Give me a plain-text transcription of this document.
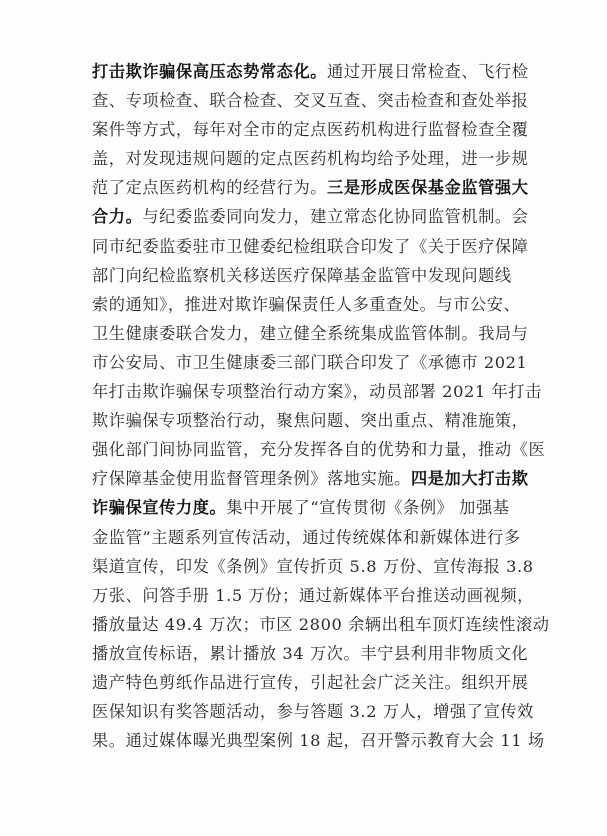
打击欺诈骗保高压态势常态化。通过开展日常检查、飞行检
查、专项检查、联合检查、交叉互查、突击检查和查处举报
案件等方式，每年对全市的定点医药机构进行监督检查全覆
盖，对发现违规问题的定点医药机构均给予处理，进一步规
范了定点医药机构的经营行为。三是形成医保基金监管强大
合力。与纪委监委同向发力，建立常态化协同监管机制。会
同市纪委监委驻市卫健委纪检组联合印发了《关于医疗保障
部门向纪检监察机关移送医疗保障基金监管中发现问题线
索的通知》，推进对欺诈骗保责任人多重查处。与市公安、
卫生健康委联合发力，建立健全系统集成监管体制。我局与
市公安局、市卫生健康委三部门联合印发了《承德市 2021
年打击欺诈骗保专项整治行动方案》，动员部署 2021 年打击
欺诈骗保专项整治行动，聚焦问题、突出重点、精准施策，
强化部门间协同监管，充分发挥各自的优势和力量，推动《医
疗保障基金使用监督管理条例》落地实施。四是加大打击欺
诈骗保宣传力度。集中开展了“宣传贯彻《条例》 加强基
金监管”主题系列宣传活动，通过传统媒体和新媒体进行多
渠道宣传，印发《条例》宣传折页 5.8 万份、宣传海报 3.8
万张、问答手册 1.5 万份；通过新媒体平台推送动画视频，
播放量达 49.4 万次；市区 2800 余辆出租车顶灯连续性滚动
播放宣传标语，累计播放 34 万次。丰宁县利用非物质文化
遗产特色剪纸作品进行宣传，引起社会广泛关注。组织开展
医保知识有奖答题活动，参与答题 3.2 万人，增强了宣传效
果。通过媒体曝光典型案例 18 起，召开警示教育大会 11 场
